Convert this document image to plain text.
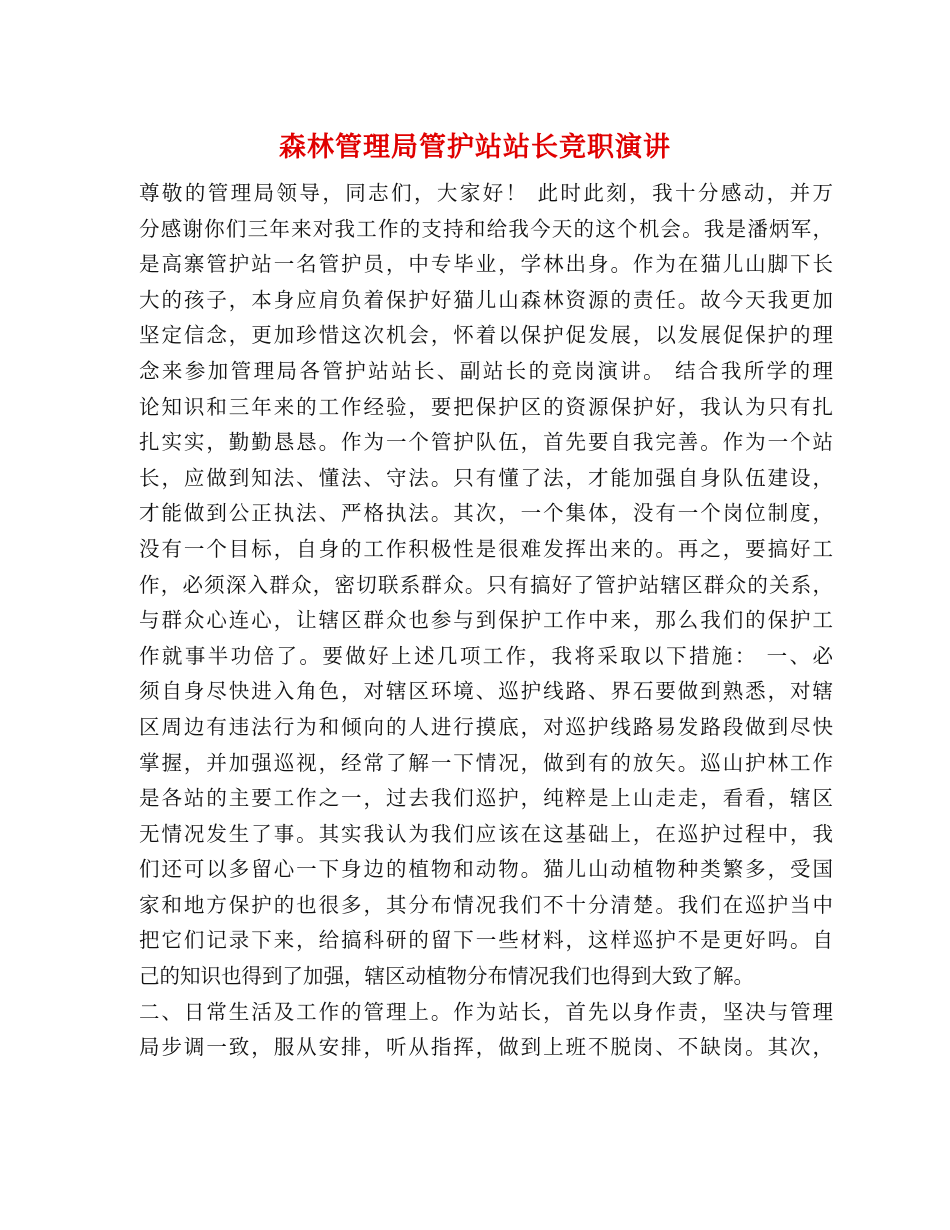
森林管理局管护站站长竞职演讲
尊敬的管理局领导，同志们，大家好！ 此时此刻，我十分感动，并万
分感谢你们三年来对我工作的支持和给我今天的这个机会。我是潘炳军，
是高寨管护站一名管护员，中专毕业，学林出身。作为在猫儿山脚下长
大的孩子，本身应肩负着保护好猫儿山森林资源的责任。故今天我更加
坚定信念，更加珍惜这次机会，怀着以保护促发展，以发展促保护的理
念来参加管理局各管护站站长、副站长的竞岗演讲。 结合我所学的理
论知识和三年来的工作经验，要把保护区的资源保护好，我认为只有扎
扎实实，勤勤恳恳。作为一个管护队伍，首先要自我完善。作为一个站
长，应做到知法、懂法、守法。只有懂了法，才能加强自身队伍建设，
才能做到公正执法、严格执法。其次，一个集体，没有一个岗位制度，
没有一个目标，自身的工作积极性是很难发挥出来的。再之，要搞好工
作，必须深入群众，密切联系群众。只有搞好了管护站辖区群众的关系，
与群众心连心，让辖区群众也参与到保护工作中来，那么我们的保护工
作就事半功倍了。要做好上述几项工作，我将采取以下措施： 一、必
须自身尽快进入角色，对辖区环境、巡护线路、界石要做到熟悉，对辖
区周边有违法行为和倾向的人进行摸底，对巡护线路易发路段做到尽快
掌握，并加强巡视，经常了解一下情况，做到有的放矢。巡山护林工作
是各站的主要工作之一，过去我们巡护，纯粹是上山走走，看看，辖区
无情况发生了事。其实我认为我们应该在这基础上，在巡护过程中，我
们还可以多留心一下身边的植物和动物。猫儿山动植物种类繁多，受国
家和地方保护的也很多，其分布情况我们不十分清楚。我们在巡护当中
把它们记录下来，给搞科研的留下一些材料，这样巡护不是更好吗。自
己的知识也得到了加强，辖区动植物分布情况我们也得到大致了解。
二、日常生活及工作的管理上。作为站长，首先以身作责，坚决与管理
局步调一致，服从安排，听从指挥，做到上班不脱岗、不缺岗。其次，
